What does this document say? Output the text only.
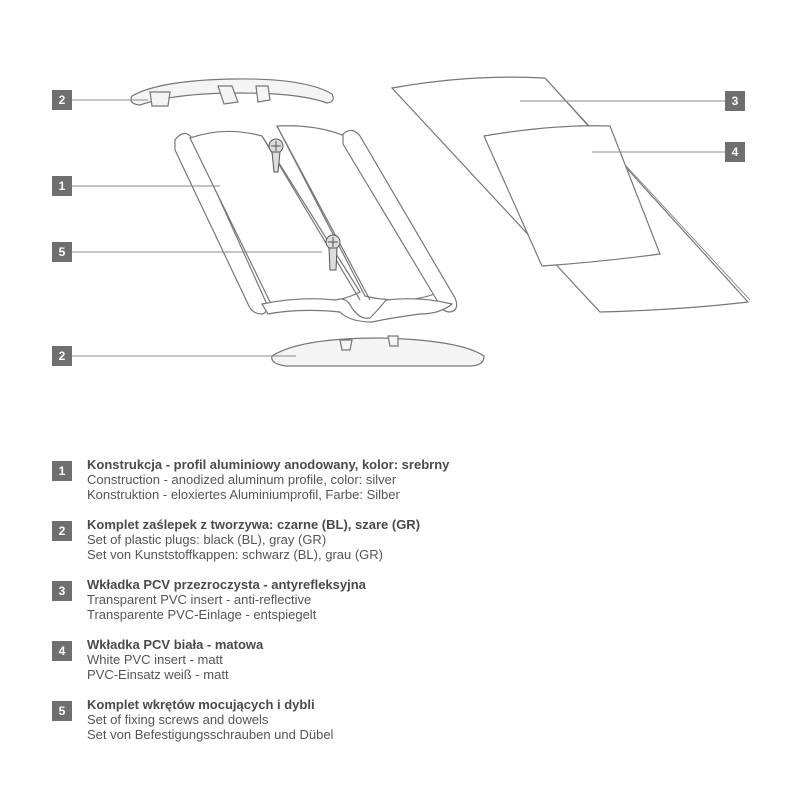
2
1
5
2
3
4
1	Konstrukcja - profil aluminiowy anodowany, kolor: srebrny
Construction - anodized aluminum profile, color: silver
Konstruktion - eloxiertes Aluminiumprofil, Farbe: Silber
2	Komplet zaślepek z tworzywa: czarne (BL), szare (GR)
Set of plastic plugs: black (BL), gray (GR)
Set von Kunststoffkappen: schwarz (BL), grau (GR)
3	Wkładka PCV przezroczysta - antyrefleksyjna
Transparent PVC insert - anti-reflective
Transparente PVC-Einlage - entspiegelt
4	Wkładka PCV biała - matowa
White PVC insert - matt
PVC-Einsatz weiß - matt
5	Komplet wkrętów mocujących i dybli
Set of fixing screws and dowels
Set von Befestigungsschrauben und Dübel
